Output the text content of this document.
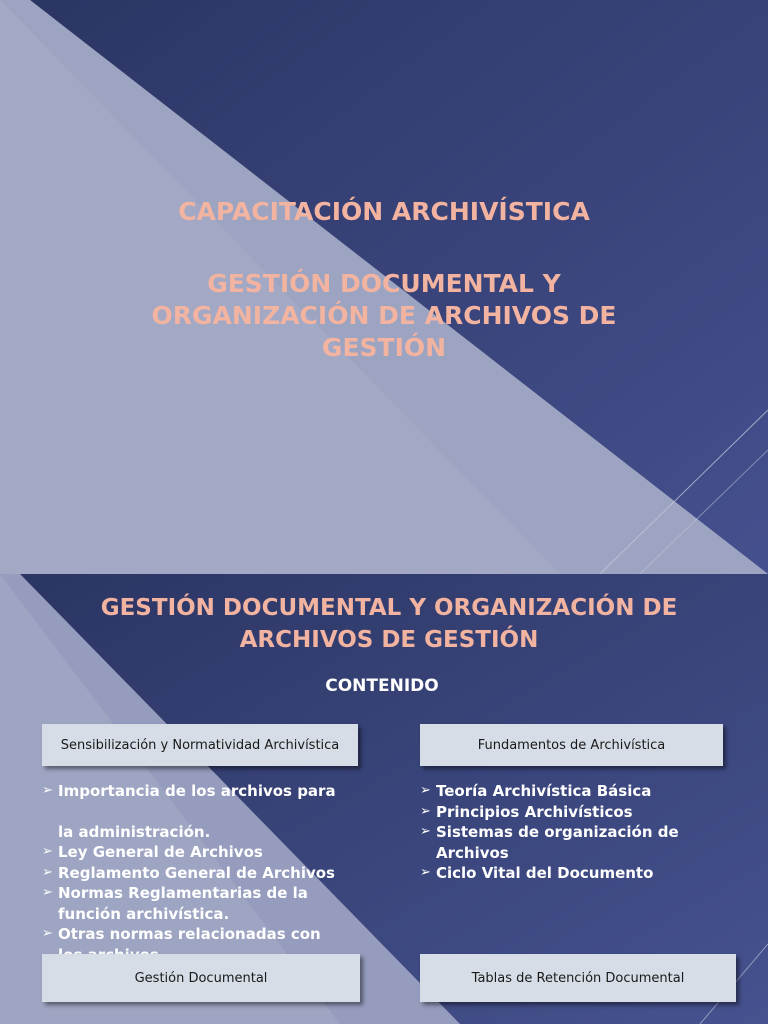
CAPACITACIÓN ARCHIVÍSTICA
GESTIÓN DOCUMENTAL Y
ORGANIZACIÓN DE ARCHIVOS DE
GESTIÓN
GESTIÓN DOCUMENTAL Y ORGANIZACIÓN DE
ARCHIVOS DE GESTIÓN
CONTENIDO
Sensibilización y Normatividad Archivística	Fundamentos de Archivística
➢ Importancia de los archivos para
la administración.
➢ Ley General de Archivos
➢ Reglamento General de Archivos
➢ Normas Reglamentarias de la
función archivística.
➢ Otras normas relacionadas con
➢ Teoría Archivística Básica
➢ Principios Archivísticos
➢ Sistemas de organización de
Archivos
➢ Ciclo Vital del Documento
Gestión Documental	Tablas de Retención Documental
